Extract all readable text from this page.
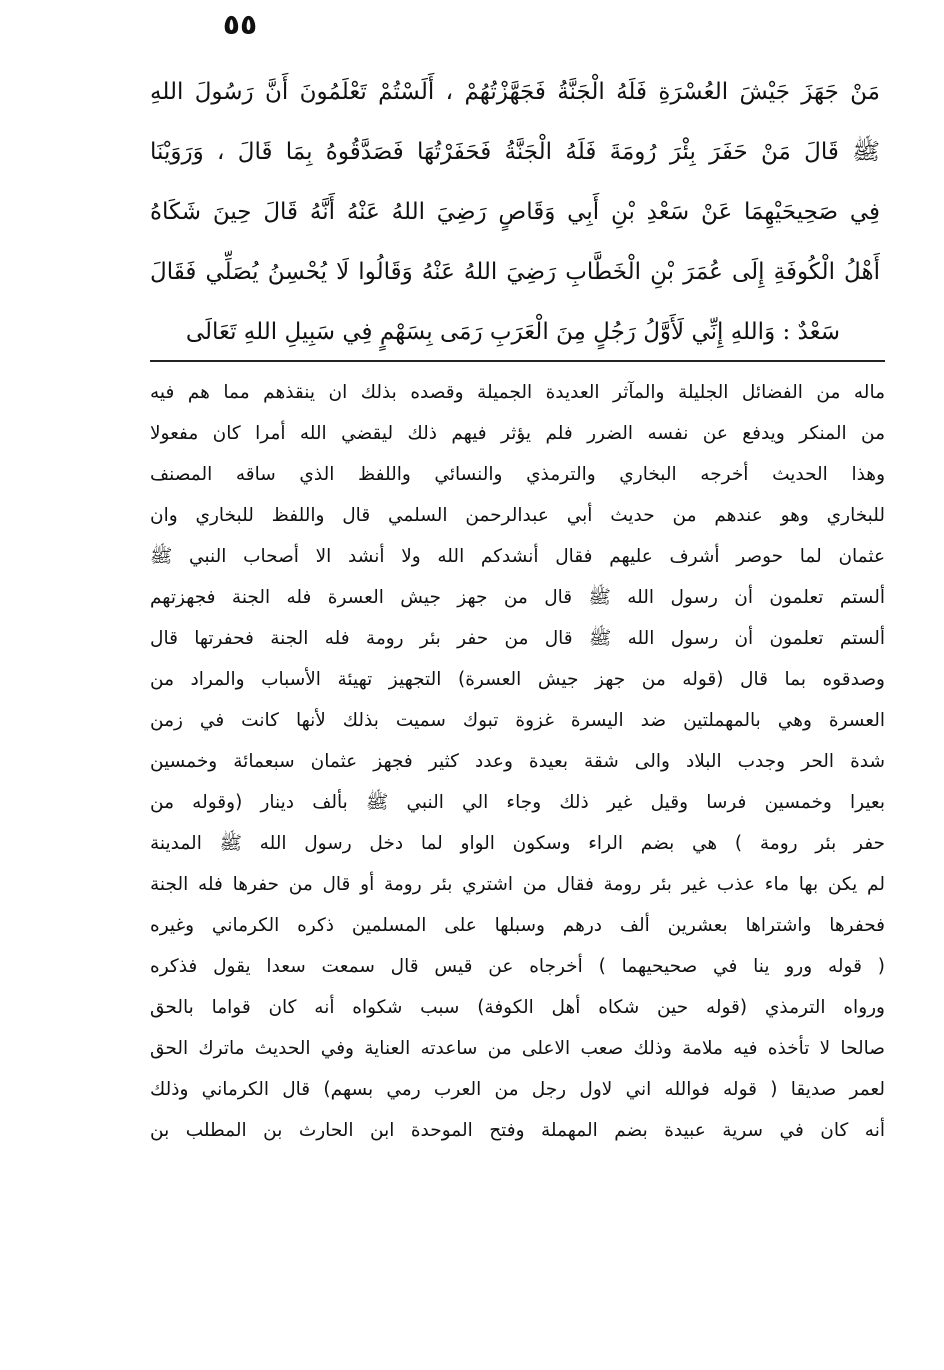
٥٥
مَنْ جَهَزَ جَيْشَ العُسْرَةِ فَلَهُ الْجَنَّةُ فَجَهَّزْتُهُمْ ، أَلَسْتُمْ تَعْلَمُونَ أَنَّ رَسُولَ اللهِ
ﷺ قَالَ مَنْ حَفَرَ بِئْرَ رُومَةَ فَلَهُ الْجَنَّةُ فَحَفَرْتُهَا فَصَدَّقُوهُ بِمَا قَالَ ، وَرَوَيْنَا
فِي صَحِيحَيْهِمَا عَنْ سَعْدِ بْنِ أَبِي وَقَاصٍ رَضِيَ اللهُ عَنْهُ أَنَّهُ قَالَ حِينَ شَكَاهُ
أَهْلُ الْكُوفَةِ إِلَى عُمَرَ بْنِ الْخَطَّابِ رَضِيَ اللهُ عَنْهُ وَقَالُوا لَا يُحْسِنُ يُصَلِّي فَقَالَ
سَعْدٌ : وَاللهِ إِنِّي لَأَوَّلُ رَجُلٍ مِنَ الْعَرَبِ رَمَى بِسَهْمٍ فِي سَبِيلِ اللهِ تَعَالَى
ماله من الفضائل الجليلة والمآثر العديدة الجميلة وقصده بذلك ان ينقذهم مما هم فيه
من المنكر ويدفع عن نفسه الضرر فلم يؤثر فيهم ذلك ليقضي الله أمرا كان مفعولا
وهذا الحديث أخرجه البخاري والترمذي والنسائي واللفظ الذي ساقه المصنف
للبخاري وهو عندهم من حديث أبي عبدالرحمن السلمي قال واللفظ للبخاري وان
عثمان لما حوصر أشرف عليهم فقال أنشدكم الله ولا أنشد الا أصحاب النبي ﷺ
ألستم تعلمون أن رسول الله ﷺ قال من جهز جيش العسرة فله الجنة فجهزتهم
ألستم تعلمون أن رسول الله ﷺ قال من حفر بئر رومة فله الجنة فحفرتها قال
وصدقوه بما قال (قوله من جهز جيش العسرة) التجهيز تهيئة الأسباب والمراد من
العسرة وهي بالمهملتين ضد اليسرة غزوة تبوك سميت بذلك لأنها كانت في زمن
شدة الحر وجدب البلاد والى شقة بعيدة وعدد كثير فجهز عثمان سبعمائة وخمسين
بعيرا وخمسين فرسا وقيل غير ذلك وجاء الي النبي ﷺ بألف دينار (وقوله من
حفر بئر رومة ) هي بضم الراء وسكون الواو لما دخل رسول الله ﷺ المدينة
لم يكن بها ماء عذب غير بئر رومة فقال من اشتري بئر رومة أو قال من حفرها فله الجنة
فحفرها واشتراها بعشرين ألف درهم وسبلها على المسلمين ذكره الكرماني وغيره
( قوله ورو ينا في صحيحيهما ) أخرجاه عن قيس قال سمعت سعدا يقول فذكره
ورواه الترمذي (قوله حين شكاه أهل الكوفة) سبب شكواه أنه كان قواما بالحق
صالحا لا تأخذه فيه ملامة وذلك صعب الاعلى من ساعدته العناية وفي الحديث ماترك الحق
لعمر صديقا ( قوله فوالله اني لاول رجل من العرب رمي بسهم) قال الكرماني وذلك
أنه كان في سرية عبيدة بضم المهملة وفتح الموحدة ابن الحارث بن المطلب بن
